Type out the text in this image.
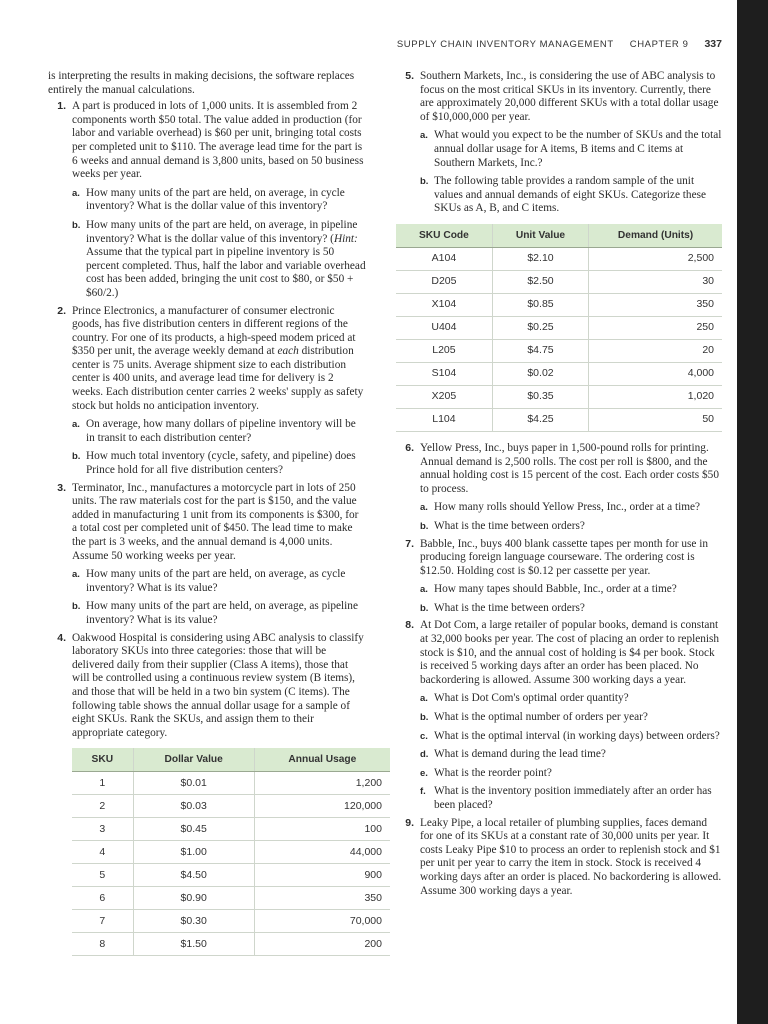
SUPPLY CHAIN INVENTORY MANAGEMENT CHAPTER 9 337

is interpreting the results in making decisions, the software replaces entirely the manual calculations.

1. A part is produced in lots of 1,000 units. It is assembled from 2 components worth $50 total. The value added in production (for labor and variable overhead) is $60 per unit, bringing total costs per completed unit to $110. The average lead time for the part is 6 weeks and annual demand is 3,800 units, based on 50 business weeks per year.

a. How many units of the part are held, on average, in cycle inventory? What is the dollar value of this inventory?
b. How many units of the part are held, on average, in pipeline inventory? What is the dollar value of this inventory? (Hint: Assume that the typical part in pipeline inventory is 50 percent completed. Thus, half the labor and variable overhead cost has been added, bringing the unit cost to $80, or $50 + $60/2.)
2. Prince Electronics, a manufacturer of consumer electronic goods, has five distribution centers in different regions of the country. For one of its products, a high-speed modem priced at $350 per unit, the average weekly demand at each distribution center is 75 units. Average shipment size to each distribution center is 400 units, and average lead time for delivery is 2 weeks. Each distribution center carries 2 weeks' supply as safety stock but holds no anticipation inventory.

a. On average, how many dollars of pipeline inventory will be in transit to each distribution center?
b. How much total inventory (cycle, safety, and pipeline) does Prince hold for all five distribution centers?
3. Terminator, Inc., manufactures a motorcycle part in lots of 250 units. The raw materials cost for the part is $150, and the value added in manufacturing 1 unit from its components is $300, for a total cost per completed unit of $450. The lead time to make the part is 3 weeks, and the annual demand is 4,000 units. Assume 50 working weeks per year.

a. How many units of the part are held, on average, as cycle inventory? What is its value?
b. How many units of the part are held, on average, as pipeline inventory? What is its value?
4. Oakwood Hospital is considering using ABC analysis to classify laboratory SKUs into three categories: those that will be delivered daily from their supplier (Class A items), those that will be controlled using a continuous review system (B items), and those that will be held in a two bin system (C items). The following table shows the annual dollar usage for a sample of eight SKUs. Rank the SKUs, and assign them to their appropriate category.

SKU	Dollar Value	Annual Usage
1	$0.01	1,200
2	$0.03	120,000
3	$0.45	100
4	$1.00	44,000
5	$4.50	900
6	$0.90	350
7	$0.30	70,000
8	$1.50	200
5. Southern Markets, Inc., is considering the use of ABC analysis to focus on the most critical SKUs in its inventory. Currently, there are approximately 20,000 different SKUs with a total dollar usage of $10,000,000 per year.

a. What would you expect to be the number of SKUs and the total annual dollar usage for A items, B items and C items at Southern Markets, Inc.?
b. The following table provides a random sample of the unit values and annual demands of eight SKUs. Categorize these SKUs as A, B, and C items.
SKU Code	Unit Value	Demand (Units)
A104	$2.10	2,500
D205	$2.50	30
X104	$0.85	350
U404	$0.25	250
L205	$4.75	20
S104	$0.02	4,000
X205	$0.35	1,020
L104	$4.25	50
6. Yellow Press, Inc., buys paper in 1,500-pound rolls for printing. Annual demand is 2,500 rolls. The cost per roll is $800, and the annual holding cost is 15 percent of the cost. Each order costs $50 to process.

a. How many rolls should Yellow Press, Inc., order at a time?
b. What is the time between orders?
7. Babble, Inc., buys 400 blank cassette tapes per month for use in producing foreign language courseware. The ordering cost is $12.50. Holding cost is $0.12 per cassette per year.

a. How many tapes should Babble, Inc., order at a time?
b. What is the time between orders?
8. At Dot Com, a large retailer of popular books, demand is constant at 32,000 books per year. The cost of placing an order to replenish stock is $10, and the annual cost of holding is $4 per book. Stock is received 5 working days after an order has been placed. No backordering is allowed. Assume 300 working days a year.

a. What is Dot Com's optimal order quantity?
b. What is the optimal number of orders per year?
c. What is the optimal interval (in working days) between orders?
d. What is demand during the lead time?
e. What is the reorder point?
f. What is the inventory position immediately after an order has been placed?
9. Leaky Pipe, a local retailer of plumbing supplies, faces demand for one of its SKUs at a constant rate of 30,000 units per year. It costs Leaky Pipe $10 to process an order to replenish stock and $1 per unit per year to carry the item in stock. Stock is received 4 working days after an order is placed. No backordering is allowed. Assume 300 working days a year.
